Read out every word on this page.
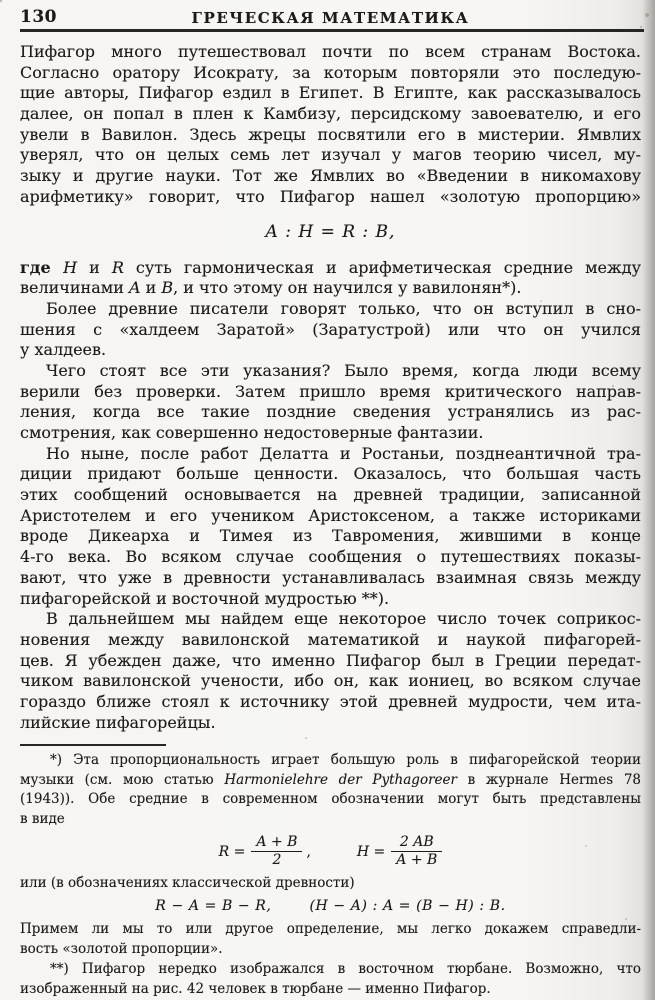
130	ГРЕЧЕСКАЯ МАТЕМАТИКА
Пифагор много путешествовал почти по всем странам Востока.
Согласно оратору Исократу, за которым повторяли это последую-
щие авторы, Пифагор ездил в Египет. В Египте, как рассказывалось
далее, он попал в плен к Камбизу, персидскому завоевателю, и его
увели в Вавилон. Здесь жрецы посвятили его в мистерии. Ямвлих
уверял, что он целых семь лет изучал у магов теорию чисел, му-
зыку и другие науки. Тот же Ямвлих во «Введении в никомахову
арифметику» говорит, что Пифагор нашел «золотую пропорцию»
A : H = R : B,
где H и R суть гармоническая и арифметическая средние между
величинами A и B, и что этому он научился у вавилонян*).
Более древние писатели говорят только, что он вступил в сно-
шения с «халдеем Заратой» (Заратустрой) или что он учился
у халдеев.
Чего стоят все эти указания? Было время, когда люди всему
верили без проверки. Затем пришло время критического направ-
ления, когда все такие поздние сведения устранялись из рас-
смотрения, как совершенно недостоверные фантазии.
Но ныне, после работ Делатта и Ростаньи, позднеантичной тра-
диции придают больше ценности. Оказалось, что большая часть
этих сообщений основывается на древней традиции, записанной
Аристотелем и его учеником Аристоксеном, а также историками
вроде Дикеарха и Тимея из Тавромения, жившими в конце
4-го века. Во всяком случае сообщения о путешествиях показы-
вают, что уже в древности устанавливалась взаимная связь между
пифагорейской и восточной мудростью **).
В дальнейшем мы найдем еще некоторое число точек соприкос-
новения между вавилонской математикой и наукой пифагорей-
цев. Я убежден даже, что именно Пифагор был в Греции передат-
чиком вавилонской учености, ибо он, как иониец, во всяком случае
гораздо ближе стоял к источнику этой древней мудрости, чем ита-
лийские пифагорейцы.
*) Эта пропорциональность играет большую роль в пифагорейской теории
музыки (см. мою статью Harmonielehre der Pythagoreer в журнале Hermes 78
(1943)). Обе средние в современном обозначении могут быть представлены
в виде
$R = \frac{A + B}{2}$ ,	$H = \frac{2 AB}{A + B}$
или (в обозначениях классической древности)
R − A = B − R,	(H − A) : A = (B − H) : B.
Примем ли мы то или другое определение, мы легко докажем справедли-
вость «золотой пропорции».
**) Пифагор нередко изображался в восточном тюрбане. Возможно, что
изображенный на рис. 42 человек в тюрбане — именно Пифагор.
